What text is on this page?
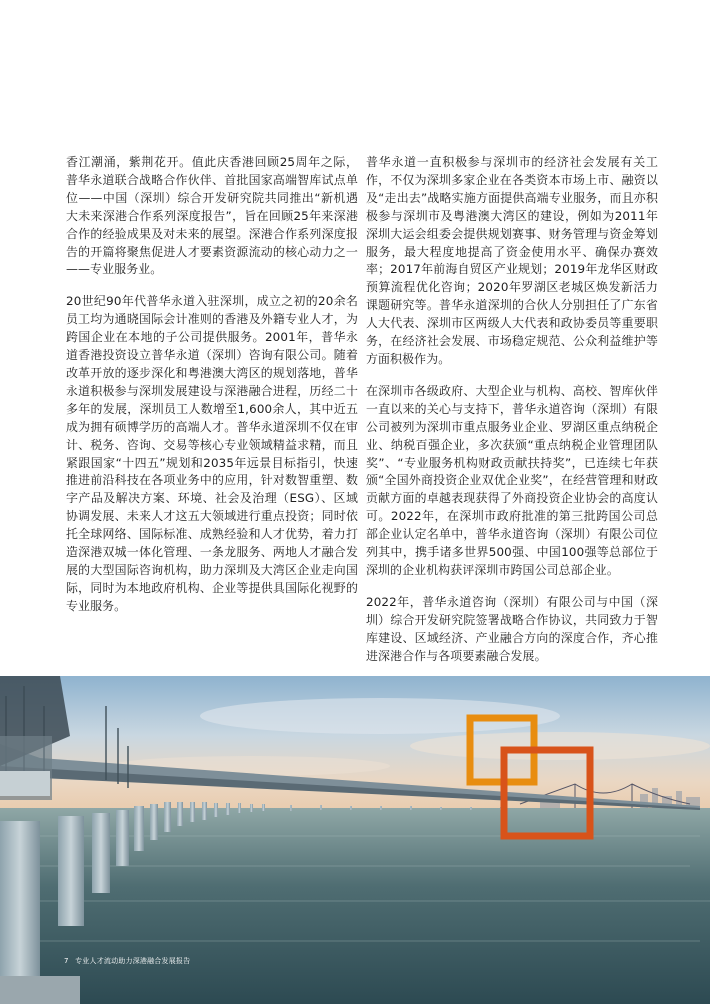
香江潮涌，紫荆花开。值此庆香港回顾25周年之际，普华永道联合战略合作伙伴、首批国家高端智库试点单位——中国（深圳）综合开发研究院共同推出“新机遇大未来深港合作系列深度报告”，旨在回顾25年来深港合作的经验成果及对未来的展望。深港合作系列深度报告的开篇将聚焦促进人才要素资源流动的核心动力之一——专业服务业。

20世纪90年代普华永道入驻深圳，成立之初的20余名员工均为通晓国际会计准则的香港及外籍专业人才，为跨国企业在本地的子公司提供服务。2001年，普华永道香港投资设立普华永道（深圳）咨询有限公司。随着改革开放的逐步深化和粤港澳大湾区的规划落地，普华永道积极参与深圳发展建设与深港融合进程，历经二十多年的发展，深圳员工人数增至1,600余人，其中近五成为拥有硕博学历的高端人才。普华永道深圳不仅在审计、税务、咨询、交易等核心专业领域精益求精，而且紧跟国家“十四五”规划和2035年远景目标指引，快速推进前沿科技在各项业务中的应用，针对数智重塑、数字产品及解决方案、环境、社会及治理（ESG）、区域协调发展、未来人才这五大领域进行重点投资；同时依托全球网络、国际标准、成熟经验和人才优势，着力打造深港双城一体化管理、一条龙服务、两地人才融合发展的大型国际咨询机构，助力深圳及大湾区企业走向国际，同时为本地政府机构、企业等提供具国际化视野的专业服务。

普华永道一直积极参与深圳市的经济社会发展有关工作，不仅为深圳多家企业在各类资本市场上市、融资以及“走出去”战略实施方面提供高端专业服务，而且亦积极参与深圳市及粤港澳大湾区的建设，例如为2011年深圳大运会组委会提供规划赛事、财务管理与资金筹划服务，最大程度地提高了资金使用水平、确保办赛效率；2017年前海自贸区产业规划；2019年龙华区财政预算流程优化咨询；2020年罗湖区老城区焕发新活力课题研究等。普华永道深圳的合伙人分别担任了广东省人大代表、深圳市区两级人大代表和政协委员等重要职务，在经济社会发展、市场稳定规范、公众利益维护等方面积极作为。

在深圳市各级政府、大型企业与机构、高校、智库伙伴一直以来的关心与支持下，普华永道咨询（深圳）有限公司被列为深圳市重点服务业企业、罗湖区重点纳税企业、纳税百强企业，多次获颁“重点纳税企业管理团队奖”、“专业服务机构财政贡献扶持奖”，已连续七年获颁“全国外商投资企业双优企业奖”，在经营管理和财政贡献方面的卓越表现获得了外商投资企业协会的高度认可。2022年，在深圳市政府批准的第三批跨国公司总部企业认定名单中，普华永道咨询（深圳）有限公司位列其中，携手诸多世界500强、中国100强等总部位于深圳的企业机构获评深圳市跨国公司总部企业。

2022年，普华永道咨询（深圳）有限公司与中国（深圳）综合开发研究院签署战略合作协议，共同致力于智库建设、区域经济、产业融合方向的深度合作，齐心推进深港合作与各项要素融合发展。

7 专业人才流动助力深港融合发展报告
